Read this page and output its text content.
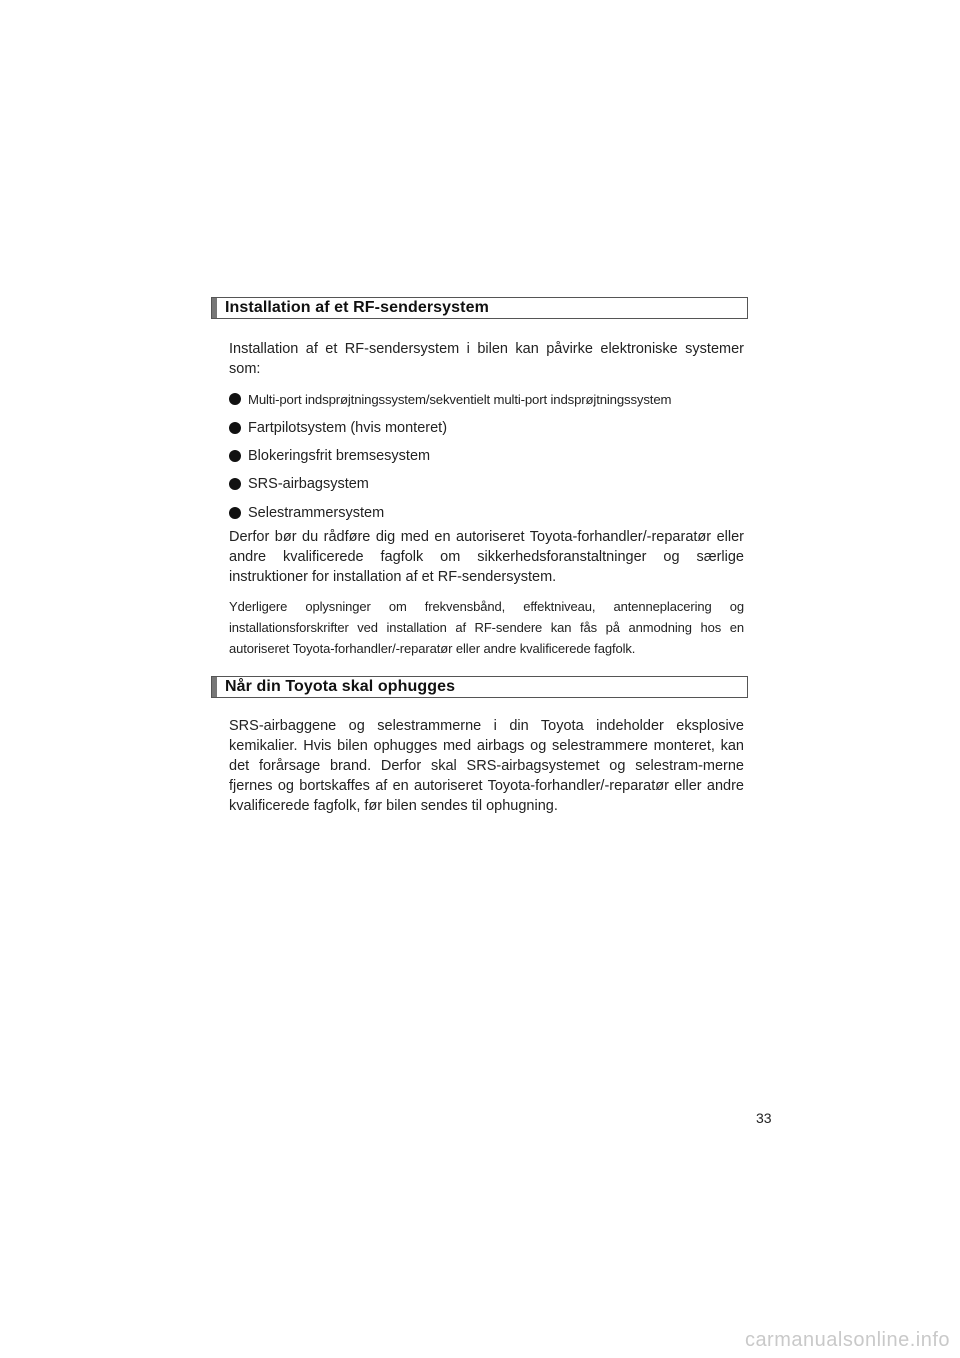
Installation af et RF-sendersystem

Installation af et RF-sendersystem i bilen kan påvirke elektroniske systemer som:

Multi-port indsprøjtningssystem/sekventielt multi-port indsprøjtningssystem
Fartpilotsystem (hvis monteret)
Blokeringsfrit bremsesystem
SRS-airbagsystem
Selestrammersystem

Derfor bør du rådføre dig med en autoriseret Toyota-forhandler/-reparatør eller andre kvalificerede fagfolk om sikkerhedsforanstaltninger og særlige instruktioner for installation af et RF-sendersystem.

Yderligere oplysninger om frekvensbånd, effektniveau, antenneplacering og installationsforskrifter ved installation af RF-sendere kan fås på anmodning hos en autoriseret Toyota-forhandler/-reparatør eller andre kvalificerede fagfolk.

Når din Toyota skal ophugges

SRS-airbaggene og selestrammerne i din Toyota indeholder eksplosive kemikalier. Hvis bilen ophugges med airbags og selestrammere monteret, kan det forårsage brand. Derfor skal SRS-airbagsystemet og selestram-merne fjernes og bortskaffes af en autoriseret Toyota-forhandler/-reparatør eller andre kvalificerede fagfolk, før bilen sendes til ophugning.

33
carmanualsonline.info
